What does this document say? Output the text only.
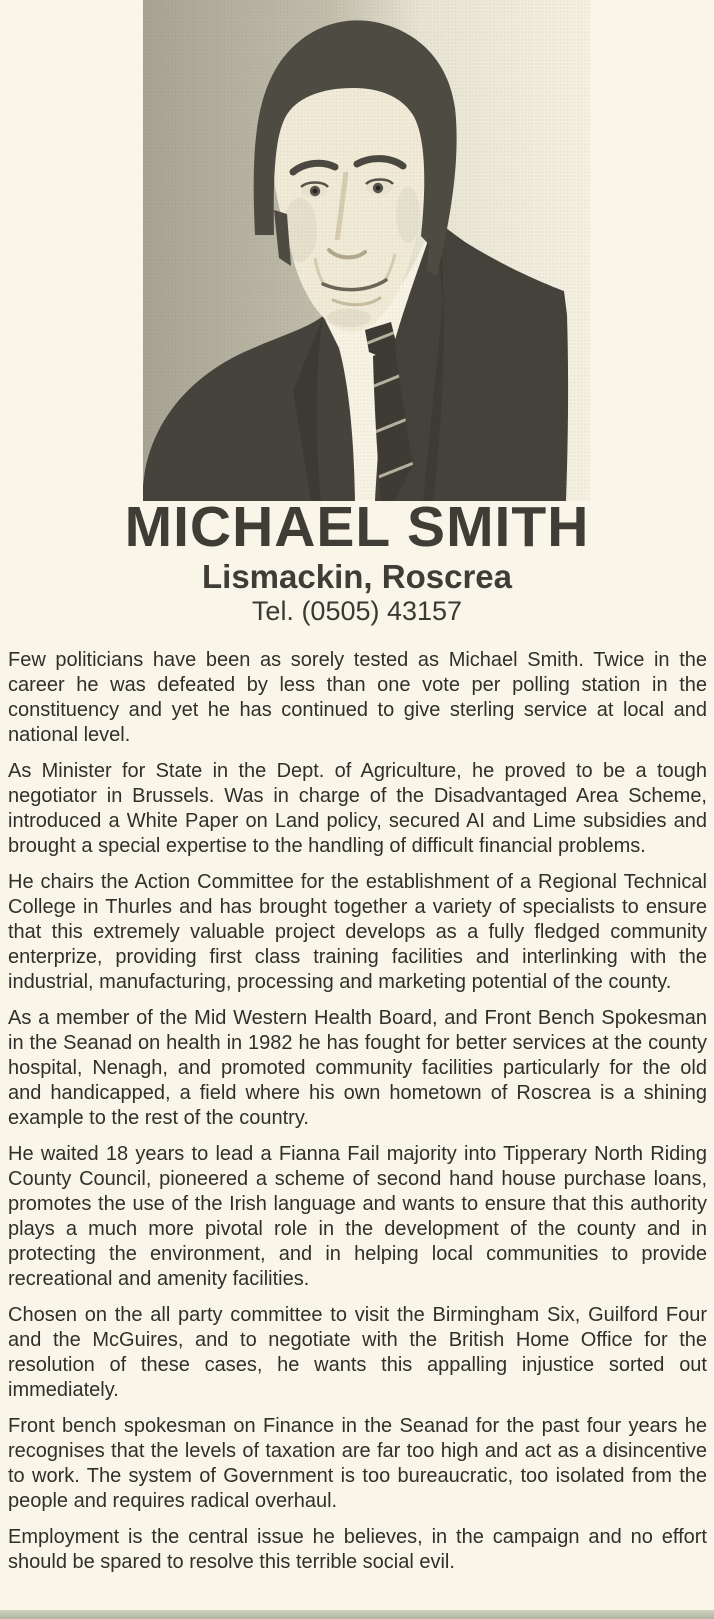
MICHAEL SMITH
Lismackin, Roscrea
Tel. (0505) 43157

Few politicians have been as sorely tested as Michael Smith. Twice in the career he was defeated by less than one vote per polling station in the constituency and yet he has continued to give sterling service at local and national level.

As Minister for State in the Dept. of Agriculture, he proved to be a tough negotiator in Brussels. Was in charge of the Disadvantaged Area Scheme, introduced a White Paper on Land policy, secured AI and Lime subsidies and brought a special expertise to the handling of difficult financial problems.

He chairs the Action Committee for the establishment of a Regional Technical College in Thurles and has brought together a variety of specialists to ensure that this extremely valuable project develops as a fully fledged community enterprize, providing first class training facilities and interlinking with the industrial, manufacturing, processing and marketing potential of the county.

As a member of the Mid Western Health Board, and Front Bench Spokesman in the Seanad on health in 1982 he has fought for better services at the county hospital, Nenagh, and promoted community facilities particularly for the old and handicapped, a field where his own hometown of Roscrea is a shining example to the rest of the country.

He waited 18 years to lead a Fianna Fail majority into Tipperary North Riding County Council, pioneered a scheme of second hand house purchase loans, promotes the use of the Irish language and wants to ensure that this authority plays a much more pivotal role in the development of the county and in protecting the environment, and in helping local communities to provide recreational and amenity facilities.

Chosen on the all party committee to visit the Birmingham Six, Guilford Four and the McGuires, and to negotiate with the British Home Office for the resolution of these cases, he wants this appalling injustice sorted out immediately.

Front bench spokesman on Finance in the Seanad for the past four years he recognises that the levels of taxation are far too high and act as a disincentive to work. The system of Government is too bureaucratic, too isolated from the people and requires radical overhaul.

Employment is the central issue he believes, in the campaign and no effort should be spared to resolve this terrible social evil.
